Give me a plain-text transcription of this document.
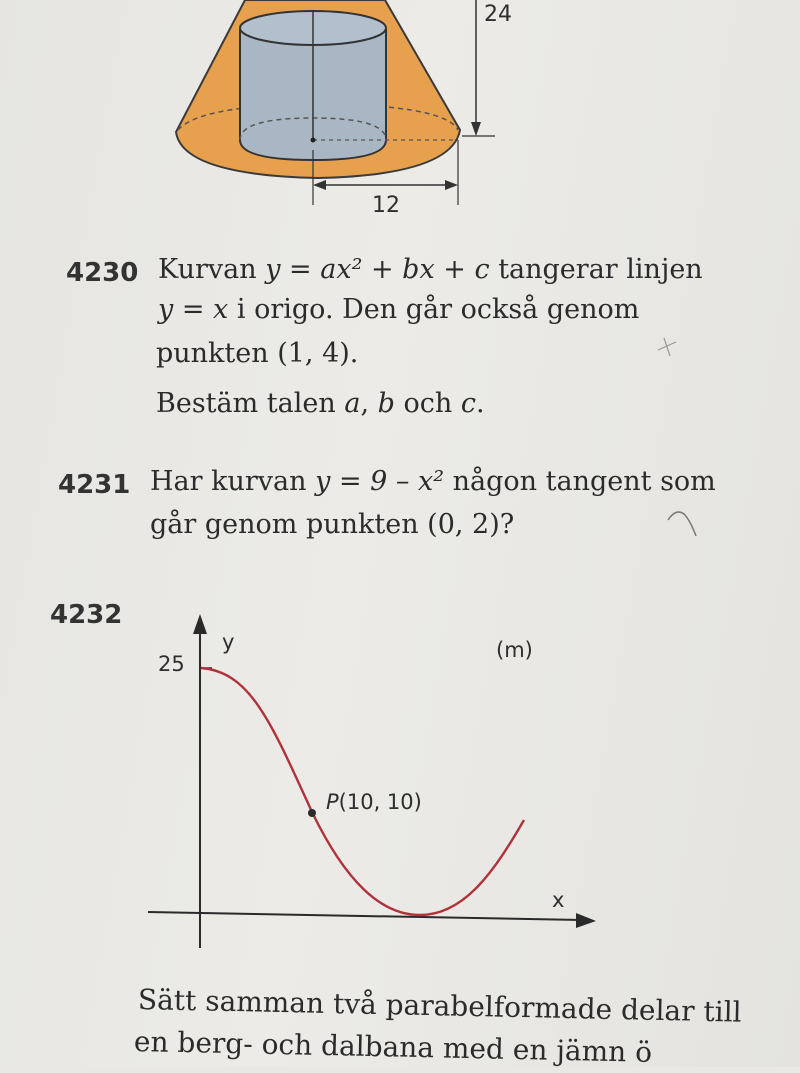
24
12
4230 Kurvan y = ax² + bx + c tangerar linjen
y = x i origo. Den går också genom
punkten (1, 4).
Bestäm talen a, b och c.
4231 Har kurvan y = 9 – x² någon tangent som
går genom punkten (0, 2)?
4232
y
x
(m)
25
P(10, 10)
Sätt samman två parabelformade delar till
en berg- och dalbana med en jämn ö
